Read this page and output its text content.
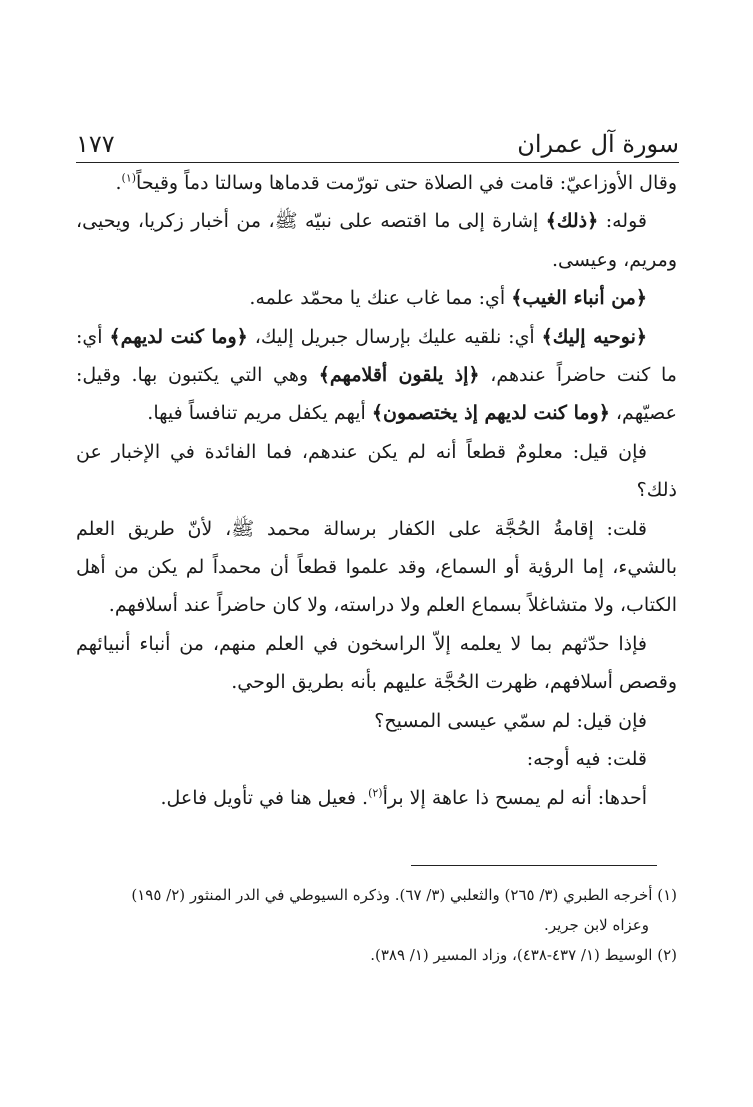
سورة آل عمران
١٧٧

وقال الأوزاعيّ: قامت في الصلاة حتى تورّمت قدماها وسالتا دماً وقيحاً$^{(١)}$.

قوله: ﴿ذلك﴾ إشارة إلى ما اقتصه على نبيّه ﷺ، من أخبار زكريا، ويحيى، ومريم، وعيسى.

﴿من أنباء الغيب﴾ أي: مما غاب عنك يا محمّد علمه.

﴿نوحيه إليك﴾ أي: نلقيه عليك بإرسال جبريل إليك، ﴿وما كنت لديهم﴾ أي: ما كنت حاضراً عندهم، ﴿إذ يلقون أقلامهم﴾ وهي التي يكتبون بها. وقيل: عصيّهم، ﴿وما كنت لديهم إذ يختصمون﴾ أيهم يكفل مريم تنافساً فيها.

فإن قيل: معلومٌ قطعاً أنه لم يكن عندهم، فما الفائدة في الإخبار عن ذلك؟

قلت: إقامةُ الحُجَّة على الكفار برسالة محمد ﷺ، لأنّ طريق العلم بالشيء، إما الرؤية أو السماع، وقد علموا قطعاً أن محمداً لم يكن من أهل الكتاب، ولا متشاغلاً بسماع العلم ولا دراسته، ولا كان حاضراً عند أسلافهم.

فإذا حدّثهم بما لا يعلمه إلاّ الراسخون في العلم منهم، من أنباء أنبيائهم وقصص أسلافهم، ظهرت الحُجَّة عليهم بأنه بطريق الوحي.

فإن قيل: لم سمّي عيسى المسيح؟

قلت: فيه أوجه:

أحدها: أنه لم يمسح ذا عاهة إلا برأ$^{(٢)}$. فعيل هنا في تأويل فاعل.

(١) أخرجه الطبري (٣/ ٢٦٥) والثعلبي (٣/ ٦٧). وذكره السيوطي في الدر المنثور (٢/ ١٩٥)

وعزاه لابن جرير.

(٢) الوسيط (١/ ٤٣٧-٤٣٨)، وزاد المسير (١/ ٣٨٩).
